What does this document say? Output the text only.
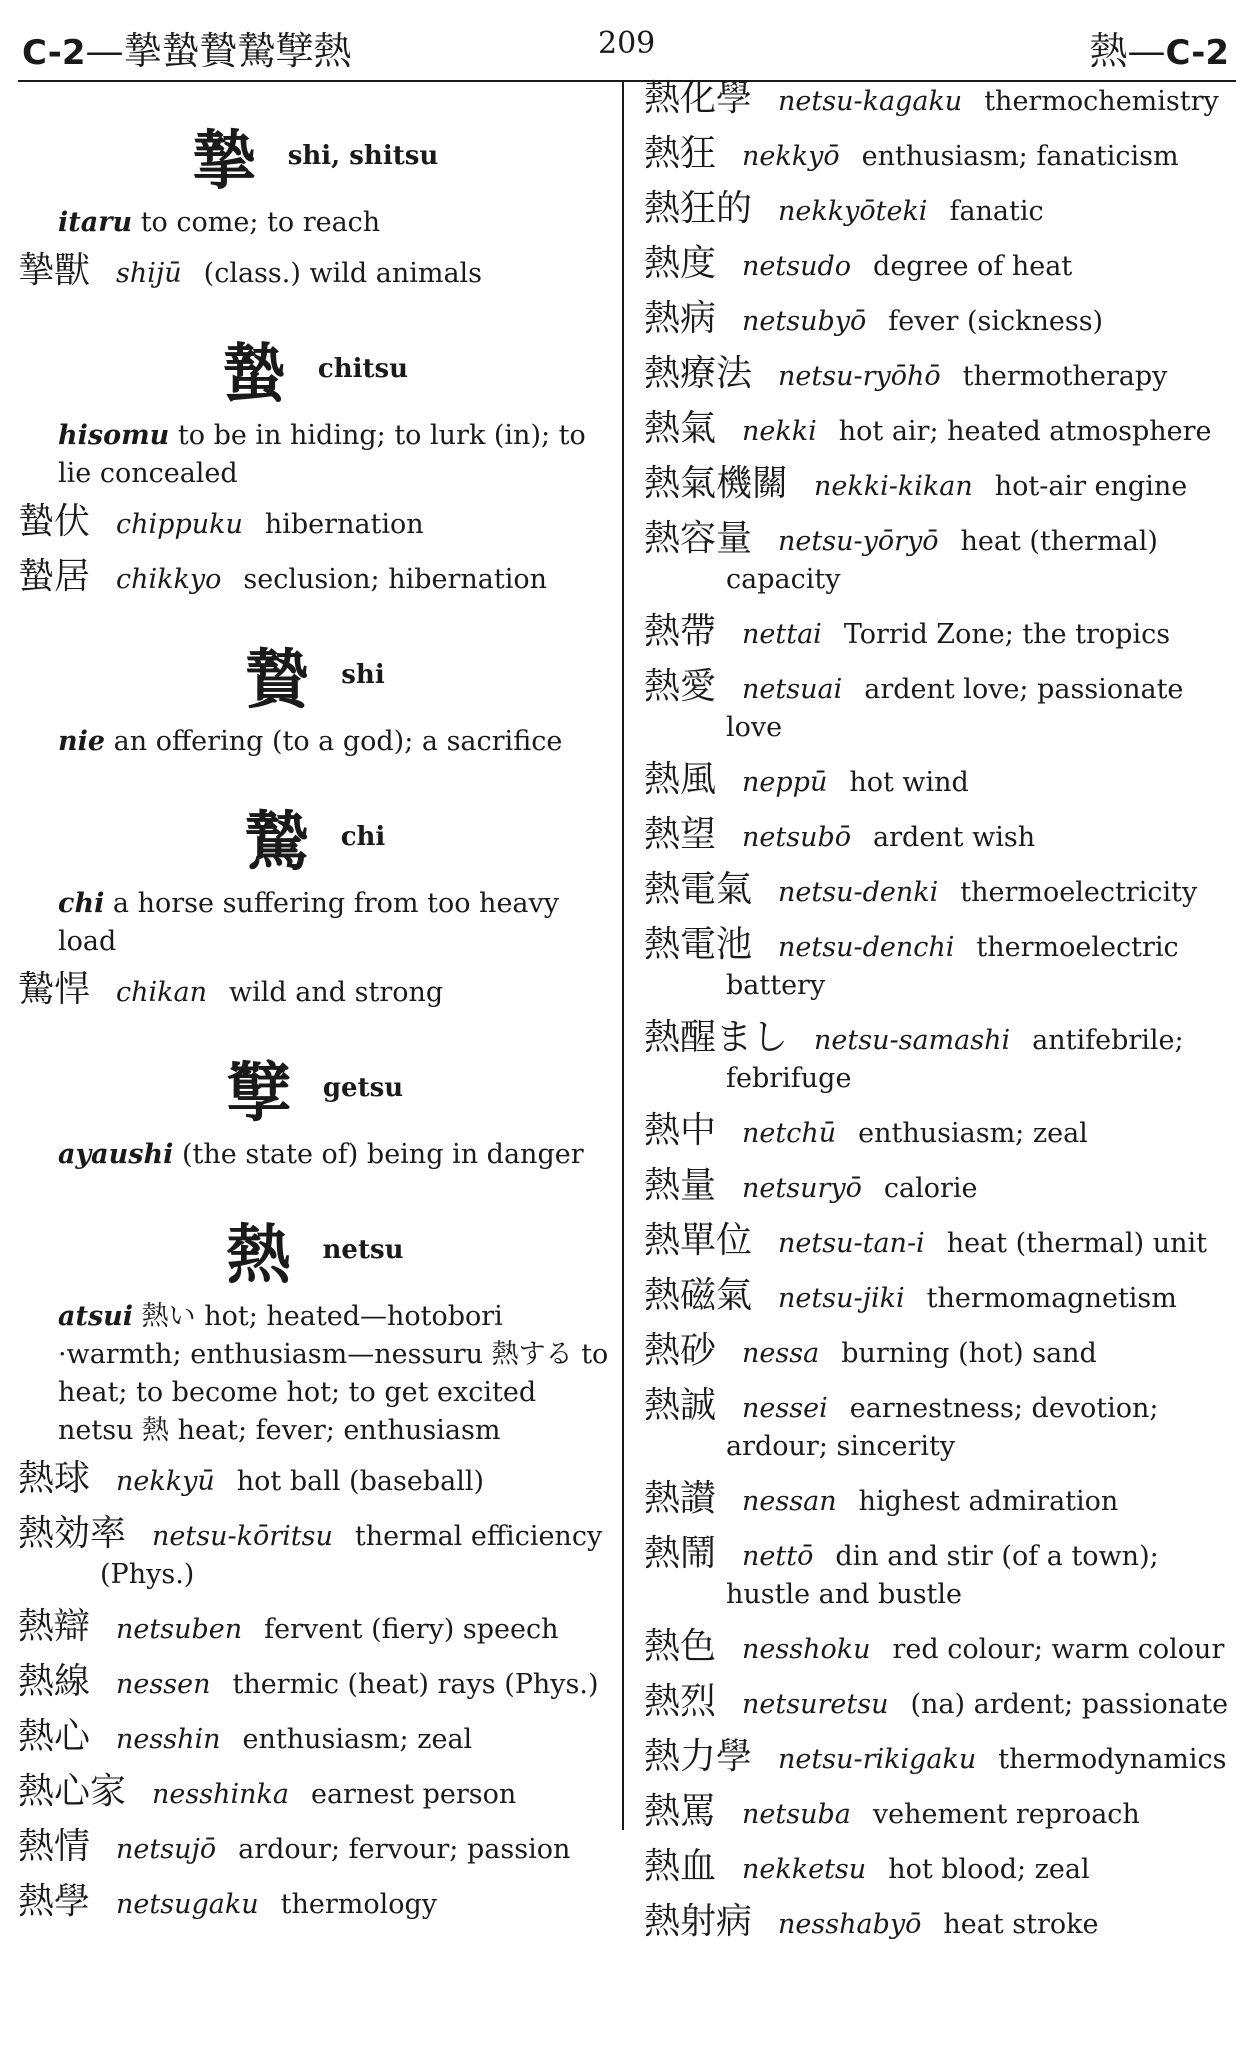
C-2—摯蟄贄騺孼熱	209	熱—C-2
摯 shi, shitsu
itaru to come; to reach
摯獸 shijū (class.) wild animals
蟄 chitsu
hisomu to be in hiding; to lurk (in); to lie concealed
蟄伏 chippuku hibernation
蟄居 chikkyo seclusion; hibernation
贄 shi
nie an offering (to a god); a sacrifice
騺 chi
chi a horse suffering from too heavy load
騺悍 chikan wild and strong
孼 getsu
ayaushi (the state of) being in danger
熱 netsu
atsui 熱い hot; heated—hotobori ·warmth; enthusiasm—nessuru 熱する to heat; to become hot; to get excited netsu 熱 heat; fever; enthusiasm
熱球 nekkyū hot ball (baseball)
熱効率 netsu-kōritsu thermal efficiency (Phys.)
熱辯 netsuben fervent (fiery) speech
熱線 nessen thermic (heat) rays (Phys.)
熱心 nesshin enthusiasm; zeal
熱心家 nesshinka earnest person
熱情 netsujō ardour; fervour; passion
熱學 netsugaku thermology
熱化學 netsu-kagaku thermochemistry
熱狂 nekkyō enthusiasm; fanaticism
熱狂的 nekkyōteki fanatic
熱度 netsudo degree of heat
熱病 netsubyō fever (sickness)
熱療法 netsu-ryōhō thermotherapy
熱氣 nekki hot air; heated atmosphere
熱氣機關 nekki-kikan hot-air engine
熱容量 netsu-yōryō heat (thermal) capacity
熱帶 nettai Torrid Zone; the tropics
熱愛 netsuai ardent love; passionate love
熱風 neppū hot wind
熱望 netsubō ardent wish
熱電氣 netsu-denki thermoelectricity
熱電池 netsu-denchi thermoelectric battery
熱醒まし netsu-samashi antifebrile; febrifuge
熱中 netchū enthusiasm; zeal
熱量 netsuryō calorie
熱單位 netsu-tan-i heat (thermal) unit
熱磁氣 netsu-jiki thermomagnetism
熱砂 nessa burning (hot) sand
熱誠 nessei earnestness; devotion; ardour; sincerity
熱讃 nessan highest admiration
熱鬧 nettō din and stir (of a town); hustle and bustle
熱色 nesshoku red colour; warm colour
熱烈 netsuretsu (na) ardent; passionate
熱力學 netsu-rikigaku thermodynamics
熱罵 netsuba vehement reproach
熱血 nekketsu hot blood; zeal
熱射病 nesshabyō heat stroke
